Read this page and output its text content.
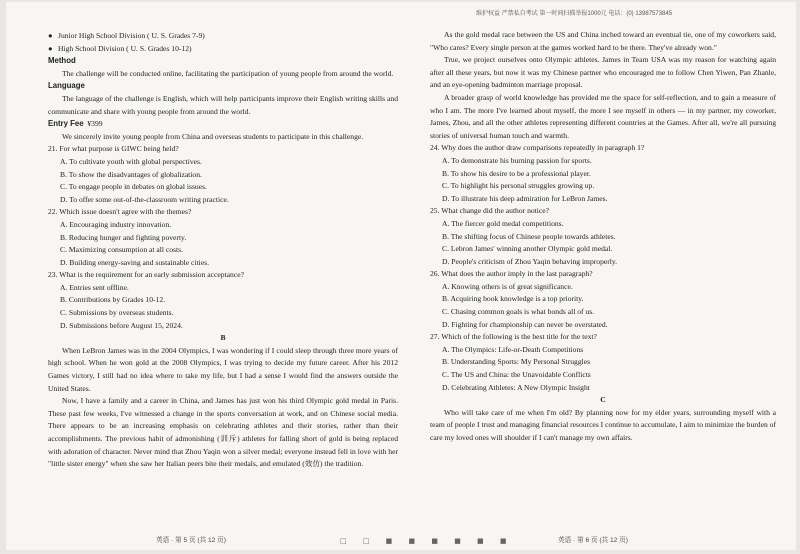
维护权益 严禁私自考试 第一时间扫描举报1000元 电话：(0) 13987573845

● Junior High School Division ( U. S. Grades 7-9)

● High School Division ( U. S. Grades 10-12)

Method

The challenge will be conducted online, facilitating the participation of young people from around the world.

Language

The language of the challenge is English, which will help participants improve their English writing skills and communicate and share with young people from around the world.

Entry Fee ¥399

We sincerely invite young people from China and overseas students to participate in this challenge.

21. For what purpose is GIWC being held?

A. To cultivate youth with global perspectives.

B. To show the disadvantages of globalization.

C. To engage people in debates on global issues.

D. To offer some out-of-the-classroom writing practice.

22. Which issue doesn't agree with the themes?

A. Encouraging industry innovation.

B. Reducing hunger and fighting poverty.

C. Maximizing consumption at all costs.

D. Building energy-saving and sustainable cities.

23. What is the requirement for an early submission acceptance?

A. Entries sent offline.

B. Contributions by Grades 10-12.

C. Submissions by overseas students.

D. Submissions before August 15, 2024.

B

When LeBron James was in the 2004 Olympics, I was wondering if I could sleep through three more years of high school. When he won gold at the 2008 Olympics, I was trying to decide my future career. After his 2012 Games victory, I still had no idea where to take my life, but I had a sense I would find the answers outside the United States.

Now, I have a family and a career in China, and James has just won his third Olympic gold medal in Paris. These past few weeks, I've witnessed a change in the sports conversation at work, and on Chinese social media. There appears to be an increasing emphasis on celebrating athletes and their stories, rather than their accomplishments. The previous habit of admonishing (训斥) athletes for falling short of gold is being replaced with adoration of character. Never mind that Zhou Yaqin won a silver medal; everyone instead fell in love with her "little sister energy" when she saw her Italian peers bite their medals, and emulated (效仿) the tradition.

As the gold medal race between the US and China inched toward an eventual tie, one of my coworkers said, "Who cares? Every single person at the games worked hard to be there. They've already won."

True, we project ourselves onto Olympic athletes. James in Team USA was my reason for watching again after all these years, but now it was my Chinese partner who encouraged me to follow Chen Yiwen, Pan Zhanle, and an eye-opening badminton marriage proposal.

A broader grasp of world knowledge has provided me the space for self-reflection, and to gain a measure of who I am. The more I've learned about myself, the more I see myself in others — in my partner, my coworker, James, Zhou, and all the other athletes representing different countries at the Games. After all, we're all pursuing stories of universal human touch and warmth.

24. Why does the author draw comparisons repeatedly in paragraph 1?

A. To demonstrate his burning passion for sports.

B. To show his desire to be a professional player.

C. To highlight his personal struggles growing up.

D. To illustrate his deep admiration for LeBron James.

25. What change did the author notice?

A. The fiercer gold medal competitions.

B. The shifting focus of Chinese people towards athletes.

C. Lebron James' winning another Olympic gold medal.

D. People's criticism of Zhou Yaqin behaving improperly.

26. What does the author imply in the last paragraph?

A. Knowing others is of great significance.

B. Acquiring book knowledge is a top priority.

C. Chasing common goals is what bonds all of us.

D. Fighting for championship can never be overstated.

27. Which of the following is the best title for the text?

A. The Olympics: Life-or-Death Competitions

B. Understanding Sports: My Personal Struggles

C. The US and China: the Unavoidable Conflicts

D. Celebrating Athletes: A New Olympic Insight

C

Who will take care of me when I'm old? By planning now for my elder years, surrounding myself with a team of people I trust and managing financial resources I continue to accumulate, I aim to minimize the burden of care my loved ones will shoulder if I can't manage my own affairs.

英语 · 第 5 页 (共 12 页)	□ □ ■ ■ ■ ■ ■ ■	英语 · 第 6 页 (共 12 页)
